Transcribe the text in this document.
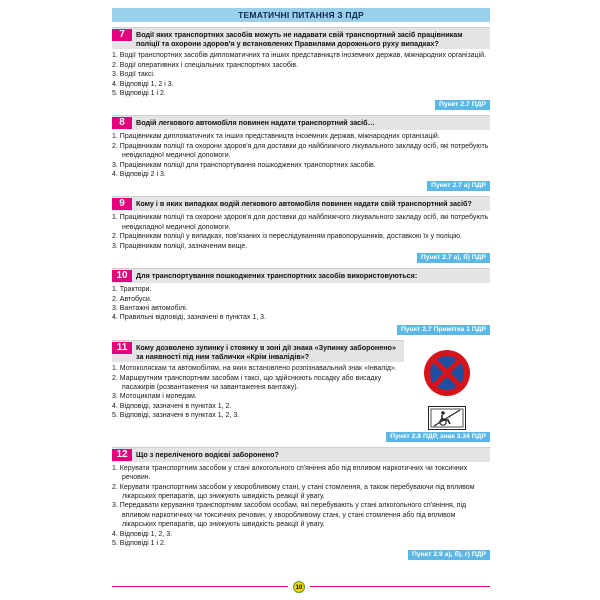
ТЕМАТИЧНІ ПИТАННЯ З ПДР
7	Водії яких транспортних засобів можуть не надавати свій транспортний засіб працівникам поліції та охорони здоров'я у встановлених Правилами дорожнього руху випадках?
1. Водії транспортних засобів дипломатичних та інших представництв іноземних держав, міжнародних організацій.
2. Водії оперативних і спеціальних транспортних засобів.
3. Водії таксі.
4. Відповіді 1, 2 і 3.
5. Відповіді 1 і 2.
Пункт 2.7 ПДР
8	Водій легкового автомобіля повинен надати транспортний засіб…
1. Працівникам дипломатичних та інших представництв іноземних держав, міжнародних організацій.
2. Працівникам поліції та охорони здоров'я для доставки до найближчого лікувального закладу осіб, які потребують невідкладної медичної допомоги.
3. Працівникам поліції для транспортування пошкоджених транспортних засобів.
4. Відповіді 2 і 3.
Пункт 2.7 а) ПДР
9	Кому і в яких випадках водій легкового автомобіля повинен надати свій транспортний засіб?
1. Працівникам поліції та охорони здоров'я для доставки до найближчого лікувального закладу осіб, які потребують невідкладної медичної допомоги.
2. Працівникам поліції у випадках, пов'язаних із переслідуванням правопорушників, доставкою їх у поліцію.
3. Працівникам поліції, зазначеним вище.
Пункт 2.7 а), б) ПДР
10	Для транспортування пошкоджених транспортних засобів використовуються:
1. Трактори.
2. Автобуси.
3. Вантажні автомобілі.
4. Правильні відповіді, зазначені в пунктах 1, 3.
Пункт 2.7 Примітка 1 ПДР
11	Кому дозволено зупинку і стоянку в зоні дії знака «Зупинку заборонено» за наявності під ним таблички «Крім інвалідів»?
1. Мотоколяскам та автомобілям, на яких встановлено розпізнавальний знак «Інвалід».
2. Маршрутним транспортним засобам і таксі, що здійснюють посадку або висадку пасажирів (розвантаження чи завантаження вантажу).
3. Мотоциклам і мопедам.
4. Відповіді, зазначені в пунктах 1, 2.
5. Відповіді, зазначені в пунктах 1, 2, 3.
Пункт 2.8 ПДР, знак 3.34 ПДР
12	Що з переліченого водієві заборонено?
1. Керувати транспортним засобом у стані алкогольного сп'яніння або під впливом наркотичних чи токсичних речовин.
2. Керувати транспортним засобом у хворобливому стані, у стані стомлення, а також перебуваючи під впливом лікарських препаратів, що знижують швидкість реакції й увагу.
3. Передавати керування транспортним засобом особам, які перебувають у стані алкогольного сп'яніння, під впливом наркотичних чи токсичних речовин, у хворобливому стані, у стані стомлення або під впливом лікарських препаратів, що знижують швидкість реакції й увагу.
4. Відповіді 1, 2, 3.
5. Відповіді 1 і 2.
Пункт 2.9 а), б), г) ПДР
10
